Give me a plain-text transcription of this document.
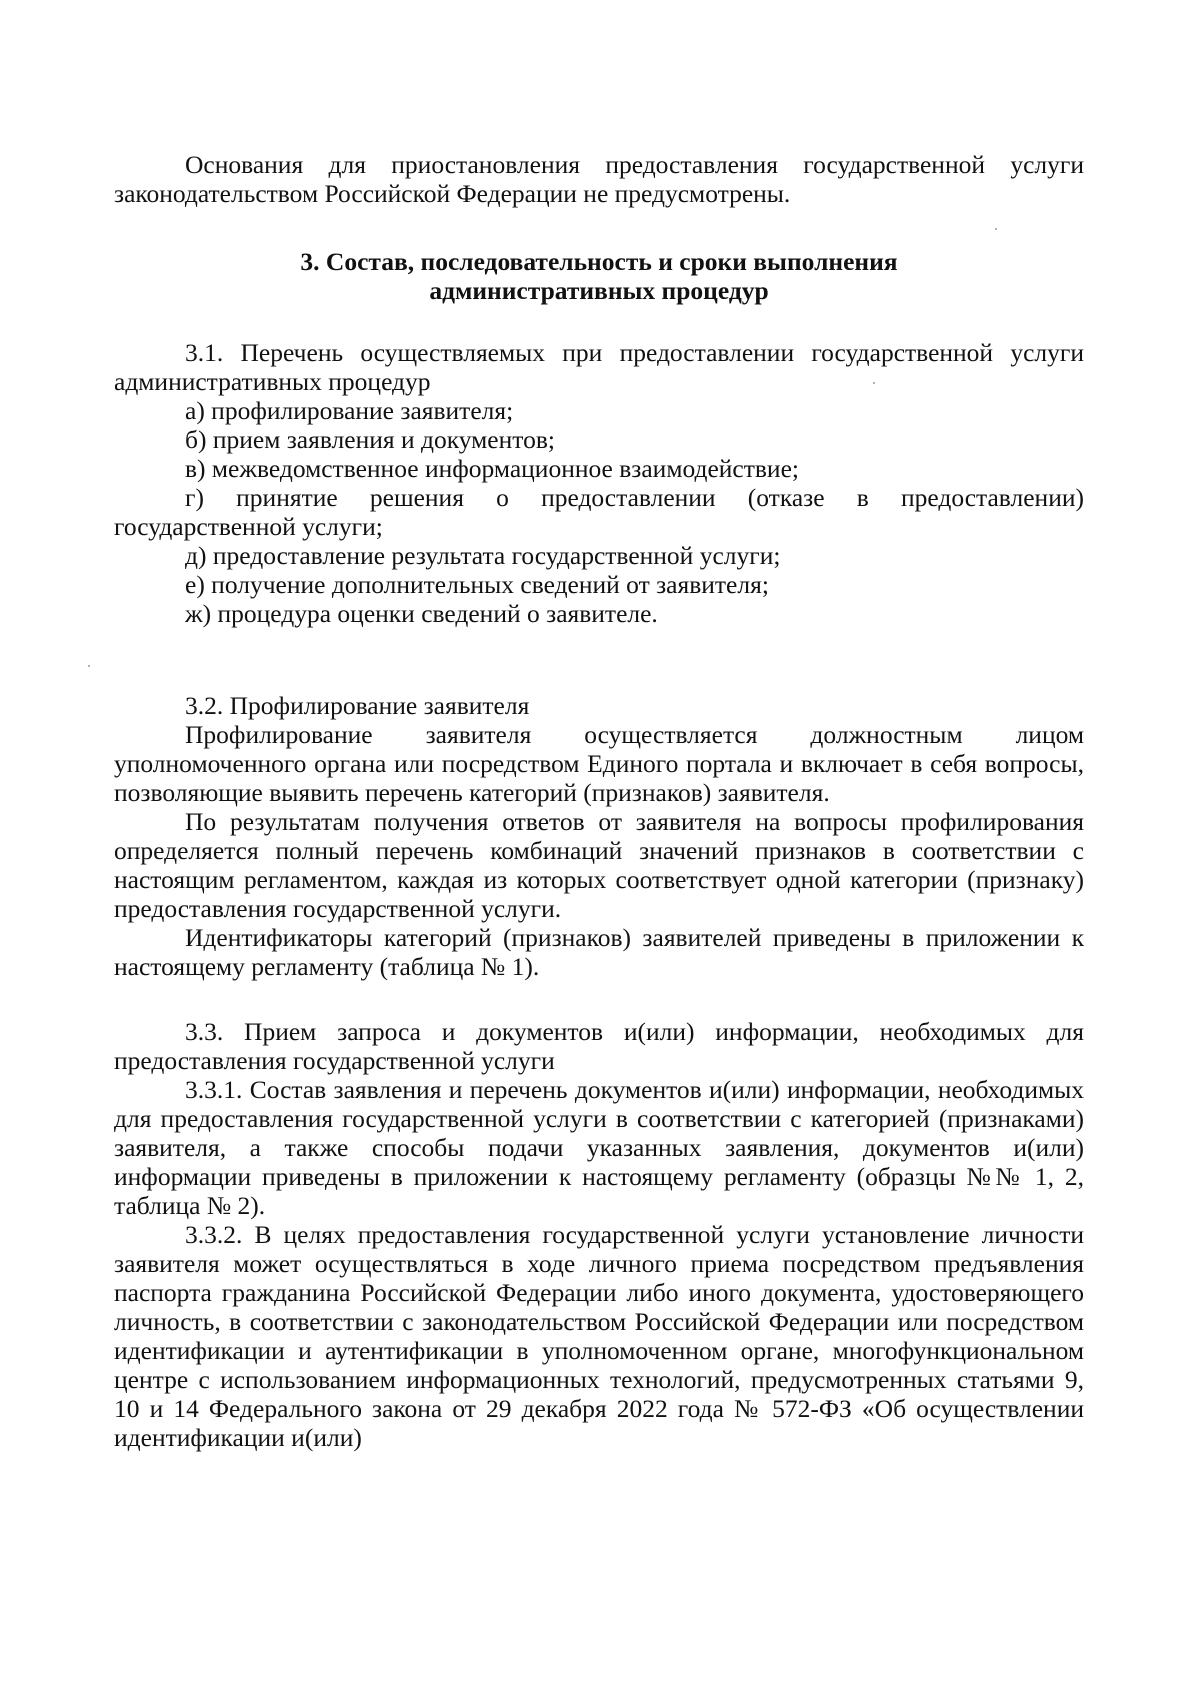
Основания для приостановления предоставления государственной услуги законодательством Российской Федерации не предусмотрены.

3. Состав, последовательность и сроки выполнения

административных процедур

3.1. Перечень осуществляемых при предоставлении государственной услуги административных процедур

а) профилирование заявителя;

б) прием заявления и документов;

в) межведомственное информационное взаимодействие;

г) принятие решения о предоставлении (отказе в предоставлении) государственной услуги;

д) предоставление результата государственной услуги;

е) получение дополнительных сведений от заявителя;

ж) процедура оценки сведений о заявителе.

3.2. Профилирование заявителя

Профилирование заявителя осуществляется должностным лицом уполномоченного органа или посредством Единого портала и включает в себя вопросы, позволяющие выявить перечень категорий (признаков) заявителя.

По результатам получения ответов от заявителя на вопросы профилирования определяется полный перечень комбинаций значений признаков в соответствии с настоящим регламентом, каждая из которых соответствует одной категории (признаку) предоставления государственной услуги.

Идентификаторы категорий (признаков) заявителей приведены в приложении к настоящему регламенту (таблица № 1).

3.3. Прием запроса и документов и(или) информации, необходимых для предоставления государственной услуги

3.3.1. Состав заявления и перечень документов и(или) информации, необходимых для предоставления государственной услуги в соответствии с категорией (признаками) заявителя, а также способы подачи указанных заявления, документов и(или) информации приведены в приложении к настоящему регламенту (образцы №№ 1, 2, таблица № 2).

3.3.2. В целях предоставления государственной услуги установление личности заявителя может осуществляться в ходе личного приема посредством предъявления паспорта гражданина Российской Федерации либо иного документа, удостоверяющего личность, в соответствии с законодательством Российской Федерации или посредством идентификации и аутентификации в уполномоченном органе, многофункциональном центре с использованием информационных технологий, предусмотренных статьями 9, 10 и 14 Федерального закона от 29 декабря 2022 года № 572-ФЗ «Об осуществлении идентификации и(или)
